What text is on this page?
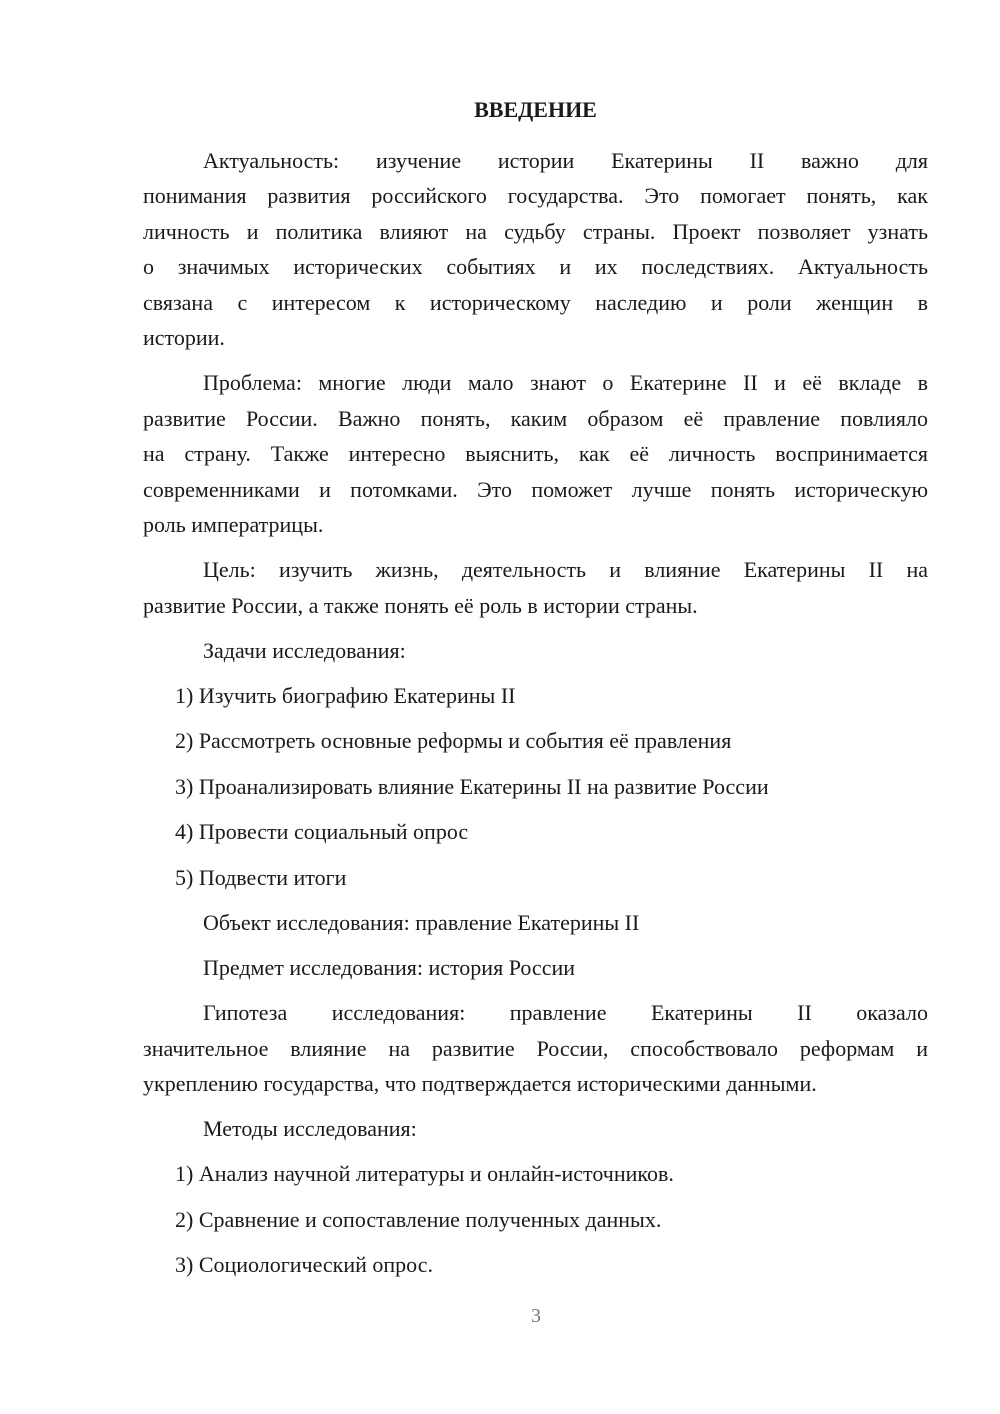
ВВЕДЕНИЕ
Актуальность: изучение истории Екатерины II важно для
понимания развития российского государства. Это помогает понять, как
личность и политика влияют на судьбу страны. Проект позволяет узнать
о значимых исторических событиях и их последствиях. Актуальность
связана с интересом к историческому наследию и роли женщин в
истории.
Проблема: многие люди мало знают о Екатерине II и её вкладе в
развитие России. Важно понять, каким образом её правление повлияло
на страну. Также интересно выяснить, как её личность воспринимается
современниками и потомками. Это поможет лучше понять историческую
роль императрицы.
Цель: изучить жизнь, деятельность и влияние Екатерины II на
развитие России, а также понять её роль в истории страны.
Задачи исследования:
1) Изучить биографию Екатерины II
2) Рассмотреть основные реформы и события её правления
3) Проанализировать влияние Екатерины II на развитие России
4) Провести социальный опрос
5) Подвести итоги
Объект исследования: правление Екатерины II
Предмет исследования: история России
Гипотеза исследования: правление Екатерины II оказало
значительное влияние на развитие России, способствовало реформам и
укреплению государства, что подтверждается историческими данными.
Методы исследования:
1) Анализ научной литературы и онлайн-источников.
2) Сравнение и сопоставление полученных данных.
3) Социологический опрос.
3
